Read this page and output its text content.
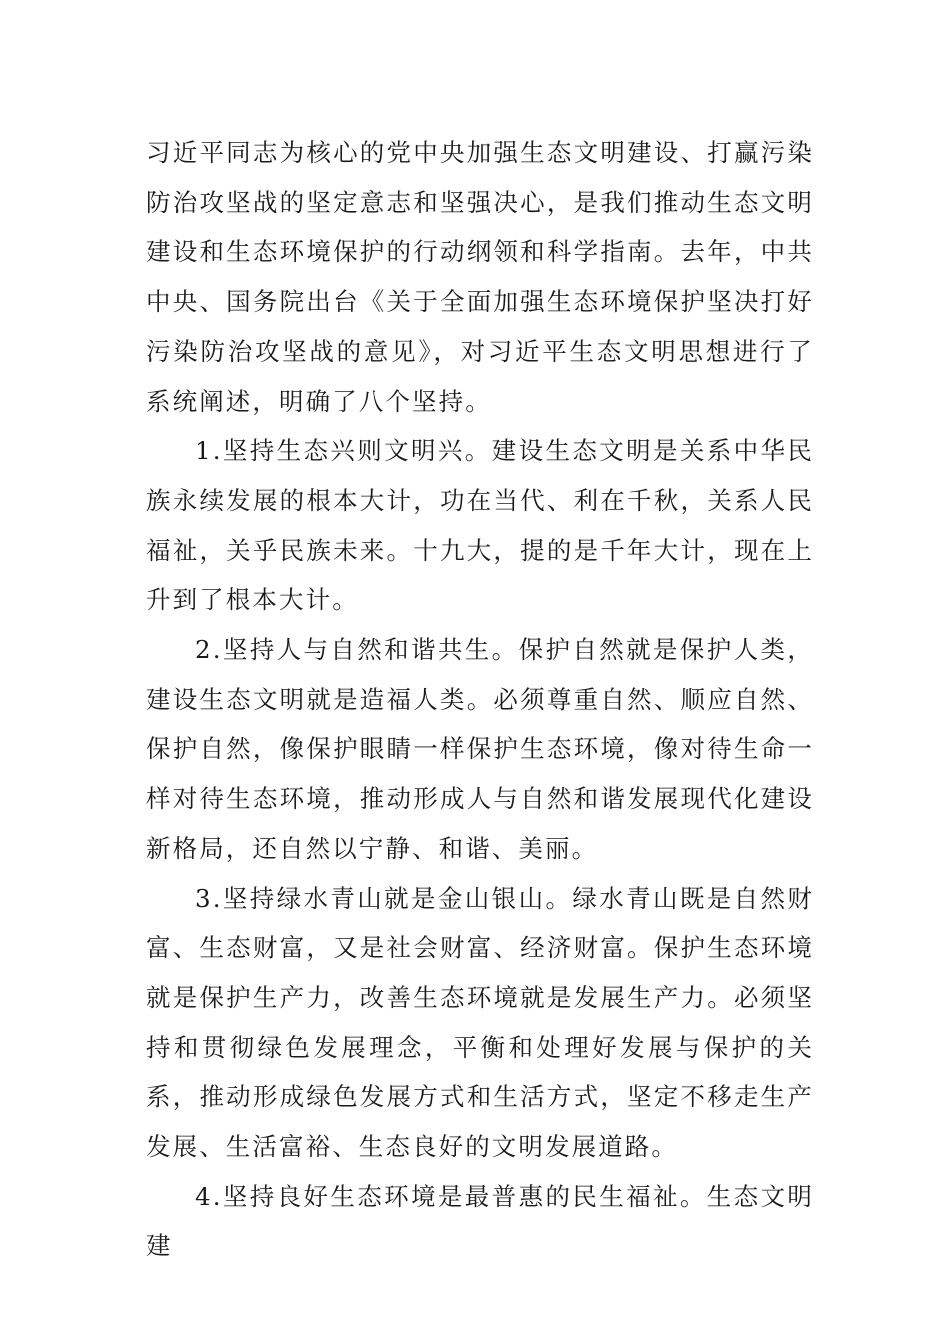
习近平同志为核心的党中央加强生态文明建设、打赢污染防治攻坚战的坚定意志和坚强决心，是我们推动生态文明建设和生态环境保护的行动纲领和科学指南。去年，中共中央、国务院出台《关于全面加强生态环境保护坚决打好污染防治攻坚战的意见》，对习近平生态文明思想进行了系统阐述，明确了八个坚持。

1.坚持生态兴则文明兴。建设生态文明是关系中华民族永续发展的根本大计，功在当代、利在千秋，关系人民福祉，关乎民族未来。十九大，提的是千年大计，现在上升到了根本大计。

2.坚持人与自然和谐共生。保护自然就是保护人类，建设生态文明就是造福人类。必须尊重自然、顺应自然、保护自然，像保护眼睛一样保护生态环境，像对待生命一样对待生态环境，推动形成人与自然和谐发展现代化建设新格局，还自然以宁静、和谐、美丽。

3.坚持绿水青山就是金山银山。绿水青山既是自然财富、生态财富，又是社会财富、经济财富。保护生态环境就是保护生产力，改善生态环境就是发展生产力。必须坚持和贯彻绿色发展理念，平衡和处理好发展与保护的关系，推动形成绿色发展方式和生活方式，坚定不移走生产发展、生活富裕、生态良好的文明发展道路。

4.坚持良好生态环境是最普惠的民生福祉。生态文明建
